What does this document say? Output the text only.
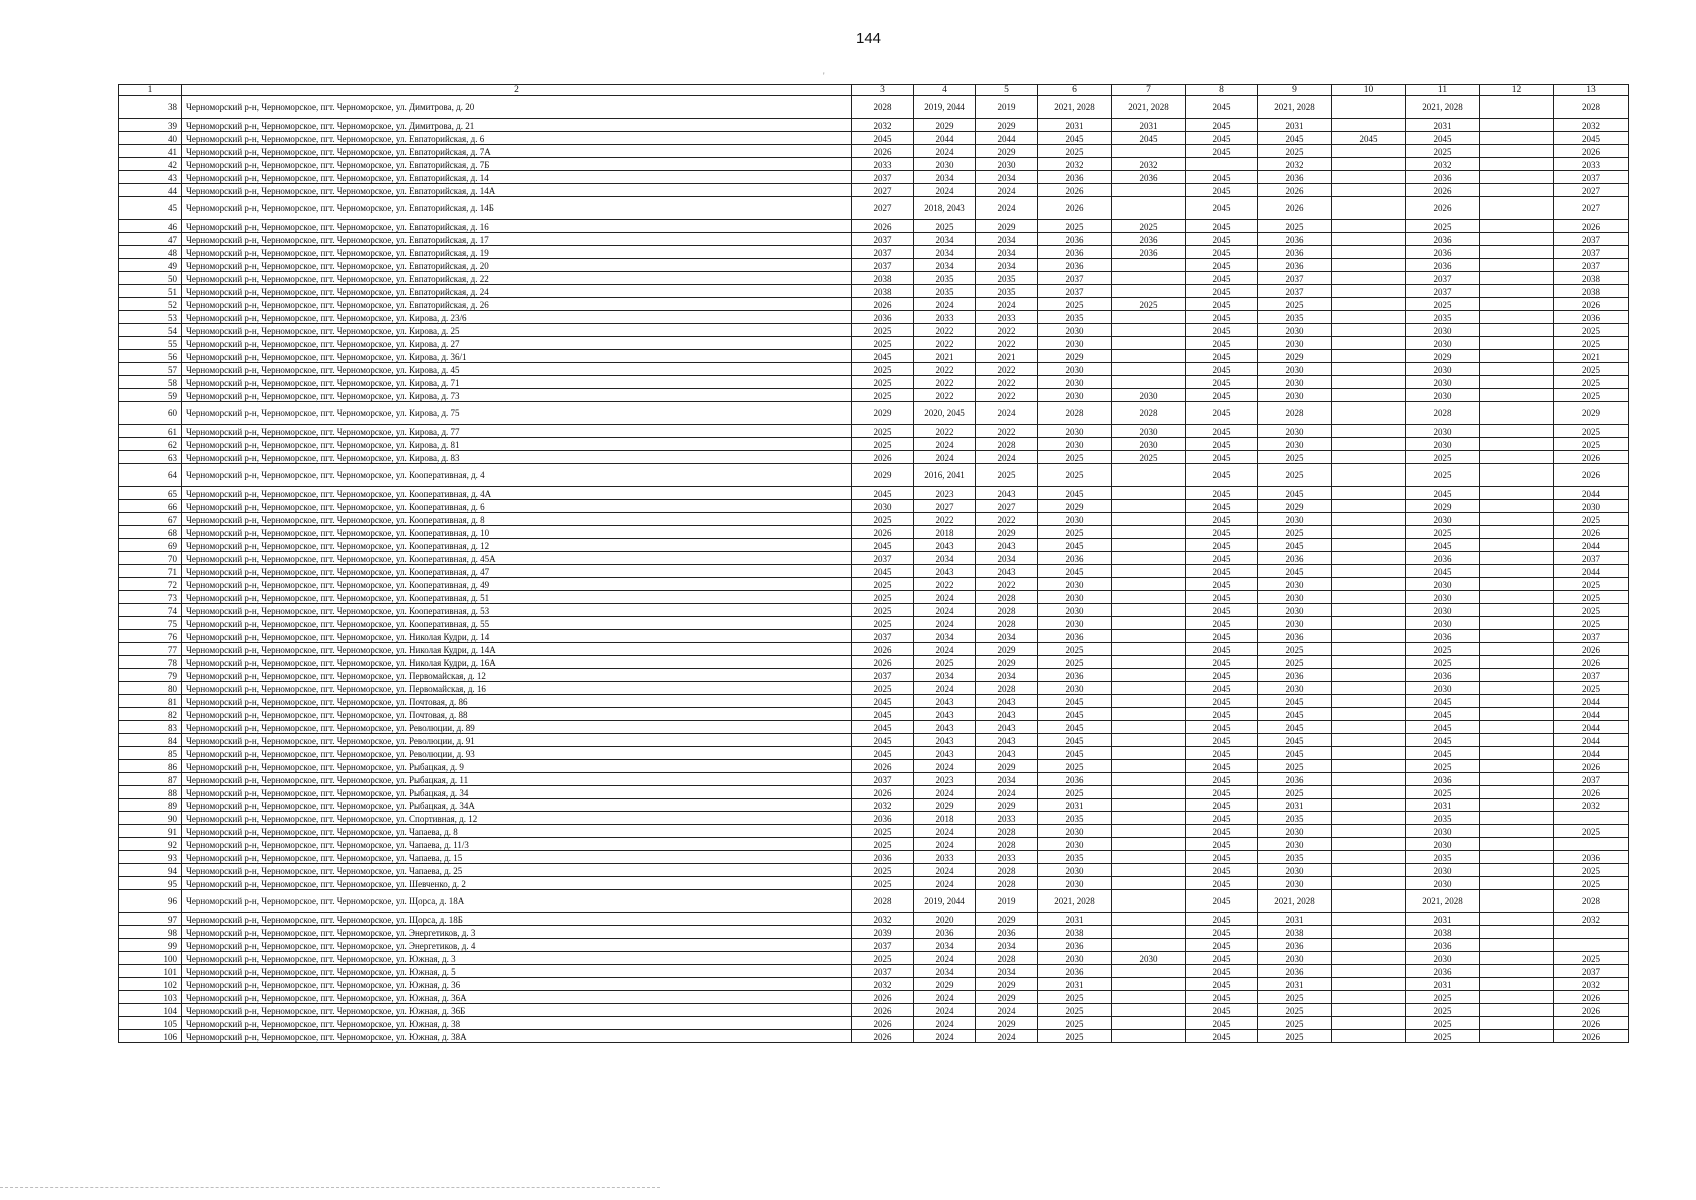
144
'
1	2	3	4	5	6	7	8	9	10	11	12	13
38	Черноморский р-н, Черноморское, пгт. Черноморское, ул. Димитрова, д. 20	2028	2019, 2044	2019	2021, 2028	2021, 2028	2045	2021, 2028		2021, 2028		2028
39	Черноморский р-н, Черноморское, пгт. Черноморское, ул. Димитрова, д. 21	2032	2029	2029	2031	2031	2045	2031		2031		2032
40	Черноморский р-н, Черноморское, пгт. Черноморское, ул. Евпаторийская, д. 6	2045	2044	2044	2045	2045	2045	2045	2045	2045		2045
41	Черноморский р-н, Черноморское, пгт. Черноморское, ул. Евпаторийская, д. 7А	2026	2024	2029	2025		2045	2025		2025		2026
42	Черноморский р-н, Черноморское, пгт. Черноморское, ул. Евпаторийская, д. 7Б	2033	2030	2030	2032	2032		2032		2032		2033
43	Черноморский р-н, Черноморское, пгт. Черноморское, ул. Евпаторийская, д. 14	2037	2034	2034	2036	2036	2045	2036		2036		2037
44	Черноморский р-н, Черноморское, пгт. Черноморское, ул. Евпаторийская, д. 14А	2027	2024	2024	2026		2045	2026		2026		2027
45	Черноморский р-н, Черноморское, пгт. Черноморское, ул. Евпаторийская, д. 14Б	2027	2018, 2043	2024	2026		2045	2026		2026		2027
46	Черноморский р-н, Черноморское, пгт. Черноморское, ул. Евпаторийская, д. 16	2026	2025	2029	2025	2025	2045	2025		2025		2026
47	Черноморский р-н, Черноморское, пгт. Черноморское, ул. Евпаторийская, д. 17	2037	2034	2034	2036	2036	2045	2036		2036		2037
48	Черноморский р-н, Черноморское, пгт. Черноморское, ул. Евпаторийская, д. 19	2037	2034	2034	2036	2036	2045	2036		2036		2037
49	Черноморский р-н, Черноморское, пгт. Черноморское, ул. Евпаторийская, д. 20	2037	2034	2034	2036		2045	2036		2036		2037
50	Черноморский р-н, Черноморское, пгт. Черноморское, ул. Евпаторийская, д. 22	2038	2035	2035	2037		2045	2037		2037		2038
51	Черноморский р-н, Черноморское, пгт. Черноморское, ул. Евпаторийская, д. 24	2038	2035	2035	2037		2045	2037		2037		2038
52	Черноморский р-н, Черноморское, пгт. Черноморское, ул. Евпаторийская, д. 26	2026	2024	2024	2025	2025	2045	2025		2025		2026
53	Черноморский р-н, Черноморское, пгт. Черноморское, ул. Кирова, д. 23/6	2036	2033	2033	2035		2045	2035		2035		2036
54	Черноморский р-н, Черноморское, пгт. Черноморское, ул. Кирова, д. 25	2025	2022	2022	2030		2045	2030		2030		2025
55	Черноморский р-н, Черноморское, пгт. Черноморское, ул. Кирова, д. 27	2025	2022	2022	2030		2045	2030		2030		2025
56	Черноморский р-н, Черноморское, пгт. Черноморское, ул. Кирова, д. 36/1	2045	2021	2021	2029		2045	2029		2029		2021
57	Черноморский р-н, Черноморское, пгт. Черноморское, ул. Кирова, д. 45	2025	2022	2022	2030		2045	2030		2030		2025
58	Черноморский р-н, Черноморское, пгт. Черноморское, ул. Кирова, д. 71	2025	2022	2022	2030		2045	2030		2030		2025
59	Черноморский р-н, Черноморское, пгт. Черноморское, ул. Кирова, д. 73	2025	2022	2022	2030	2030	2045	2030		2030		2025
60	Черноморский р-н, Черноморское, пгт. Черноморское, ул. Кирова, д. 75	2029	2020, 2045	2024	2028	2028	2045	2028		2028		2029
61	Черноморский р-н, Черноморское, пгт. Черноморское, ул. Кирова, д. 77	2025	2022	2022	2030	2030	2045	2030		2030		2025
62	Черноморский р-н, Черноморское, пгт. Черноморское, ул. Кирова, д. 81	2025	2024	2028	2030	2030	2045	2030		2030		2025
63	Черноморский р-н, Черноморское, пгт. Черноморское, ул. Кирова, д. 83	2026	2024	2024	2025	2025	2045	2025		2025		2026
64	Черноморский р-н, Черноморское, пгт. Черноморское, ул. Кооперативная, д. 4	2029	2016, 2041	2025	2025		2045	2025		2025		2026
65	Черноморский р-н, Черноморское, пгт. Черноморское, ул. Кооперативная, д. 4А	2045	2023	2043	2045		2045	2045		2045		2044
66	Черноморский р-н, Черноморское, пгт. Черноморское, ул. Кооперативная, д. 6	2030	2027	2027	2029		2045	2029		2029		2030
67	Черноморский р-н, Черноморское, пгт. Черноморское, ул. Кооперативная, д. 8	2025	2022	2022	2030		2045	2030		2030		2025
68	Черноморский р-н, Черноморское, пгт. Черноморское, ул. Кооперативная, д. 10	2026	2018	2029	2025		2045	2025		2025		2026
69	Черноморский р-н, Черноморское, пгт. Черноморское, ул. Кооперативная, д. 12	2045	2043	2043	2045		2045	2045		2045		2044
70	Черноморский р-н, Черноморское, пгт. Черноморское, ул. Кооперативная, д. 45А	2037	2034	2034	2036		2045	2036		2036		2037
71	Черноморский р-н, Черноморское, пгт. Черноморское, ул. Кооперативная, д. 47	2045	2043	2043	2045		2045	2045		2045		2044
72	Черноморский р-н, Черноморское, пгт. Черноморское, ул. Кооперативная, д. 49	2025	2022	2022	2030		2045	2030		2030		2025
73	Черноморский р-н, Черноморское, пгт. Черноморское, ул. Кооперативная, д. 51	2025	2024	2028	2030		2045	2030		2030		2025
74	Черноморский р-н, Черноморское, пгт. Черноморское, ул. Кооперативная, д. 53	2025	2024	2028	2030		2045	2030		2030		2025
75	Черноморский р-н, Черноморское, пгт. Черноморское, ул. Кооперативная, д. 55	2025	2024	2028	2030		2045	2030		2030		2025
76	Черноморский р-н, Черноморское, пгт. Черноморское, ул. Николая Кудри, д. 14	2037	2034	2034	2036		2045	2036		2036		2037
77	Черноморский р-н, Черноморское, пгт. Черноморское, ул. Николая Кудри, д. 14А	2026	2024	2029	2025		2045	2025		2025		2026
78	Черноморский р-н, Черноморское, пгт. Черноморское, ул. Николая Кудри, д. 16А	2026	2025	2029	2025		2045	2025		2025		2026
79	Черноморский р-н, Черноморское, пгт. Черноморское, ул. Первомайская, д. 12	2037	2034	2034	2036		2045	2036		2036		2037
80	Черноморский р-н, Черноморское, пгт. Черноморское, ул. Первомайская, д. 16	2025	2024	2028	2030		2045	2030		2030		2025
81	Черноморский р-н, Черноморское, пгт. Черноморское, ул. Почтовая, д. 86	2045	2043	2043	2045		2045	2045		2045		2044
82	Черноморский р-н, Черноморское, пгт. Черноморское, ул. Почтовая, д. 88	2045	2043	2043	2045		2045	2045		2045		2044
83	Черноморский р-н, Черноморское, пгт. Черноморское, ул. Революции, д. 89	2045	2043	2043	2045		2045	2045		2045		2044
84	Черноморский р-н, Черноморское, пгт. Черноморское, ул. Революции, д. 91	2045	2043	2043	2045		2045	2045		2045		2044
85	Черноморский р-н, Черноморское, пгт. Черноморское, ул. Революции, д. 93	2045	2043	2043	2045		2045	2045		2045		2044
86	Черноморский р-н, Черноморское, пгт. Черноморское, ул. Рыбацкая, д. 9	2026	2024	2029	2025		2045	2025		2025		2026
87	Черноморский р-н, Черноморское, пгт. Черноморское, ул. Рыбацкая, д. 11	2037	2023	2034	2036		2045	2036		2036		2037
88	Черноморский р-н, Черноморское, пгт. Черноморское, ул. Рыбацкая, д. 34	2026	2024	2024	2025		2045	2025		2025		2026
89	Черноморский р-н, Черноморское, пгт. Черноморское, ул. Рыбацкая, д. 34А	2032	2029	2029	2031		2045	2031		2031		2032
90	Черноморский р-н, Черноморское, пгт. Черноморское, ул. Спортивная, д. 12	2036	2018	2033	2035		2045	2035		2035		
91	Черноморский р-н, Черноморское, пгт. Черноморское, ул. Чапаева, д. 8	2025	2024	2028	2030		2045	2030		2030		2025
92	Черноморский р-н, Черноморское, пгт. Черноморское, ул. Чапаева, д. 11/3	2025	2024	2028	2030		2045	2030		2030		
93	Черноморский р-н, Черноморское, пгт. Черноморское, ул. Чапаева, д. 15	2036	2033	2033	2035		2045	2035		2035		2036
94	Черноморский р-н, Черноморское, пгт. Черноморское, ул. Чапаева, д. 25	2025	2024	2028	2030		2045	2030		2030		2025
95	Черноморский р-н, Черноморское, пгт. Черноморское, ул. Шевченко, д. 2	2025	2024	2028	2030		2045	2030		2030		2025
96	Черноморский р-н, Черноморское, пгт. Черноморское, ул. Щорса, д. 18А	2028	2019, 2044	2019	2021, 2028		2045	2021, 2028		2021, 2028		2028
97	Черноморский р-н, Черноморское, пгт. Черноморское, ул. Щорса, д. 18Б	2032	2020	2029	2031		2045	2031		2031		2032
98	Черноморский р-н, Черноморское, пгт. Черноморское, ул. Энергетиков, д. 3	2039	2036	2036	2038		2045	2038		2038		
99	Черноморский р-н, Черноморское, пгт. Черноморское, ул. Энергетиков, д. 4	2037	2034	2034	2036		2045	2036		2036		
100	Черноморский р-н, Черноморское, пгт. Черноморское, ул. Южная, д. 3	2025	2024	2028	2030	2030	2045	2030		2030		2025
101	Черноморский р-н, Черноморское, пгт. Черноморское, ул. Южная, д. 5	2037	2034	2034	2036		2045	2036		2036		2037
102	Черноморский р-н, Черноморское, пгт. Черноморское, ул. Южная, д. 36	2032	2029	2029	2031		2045	2031		2031		2032
103	Черноморский р-н, Черноморское, пгт. Черноморское, ул. Южная, д. 36А	2026	2024	2029	2025		2045	2025		2025		2026
104	Черноморский р-н, Черноморское, пгт. Черноморское, ул. Южная, д. 36Б	2026	2024	2024	2025		2045	2025		2025		2026
105	Черноморский р-н, Черноморское, пгт. Черноморское, ул. Южная, д. 38	2026	2024	2029	2025		2045	2025		2025		2026
106	Черноморский р-н, Черноморское, пгт. Черноморское, ул. Южная, д. 38А	2026	2024	2024	2025		2045	2025		2025		2026
